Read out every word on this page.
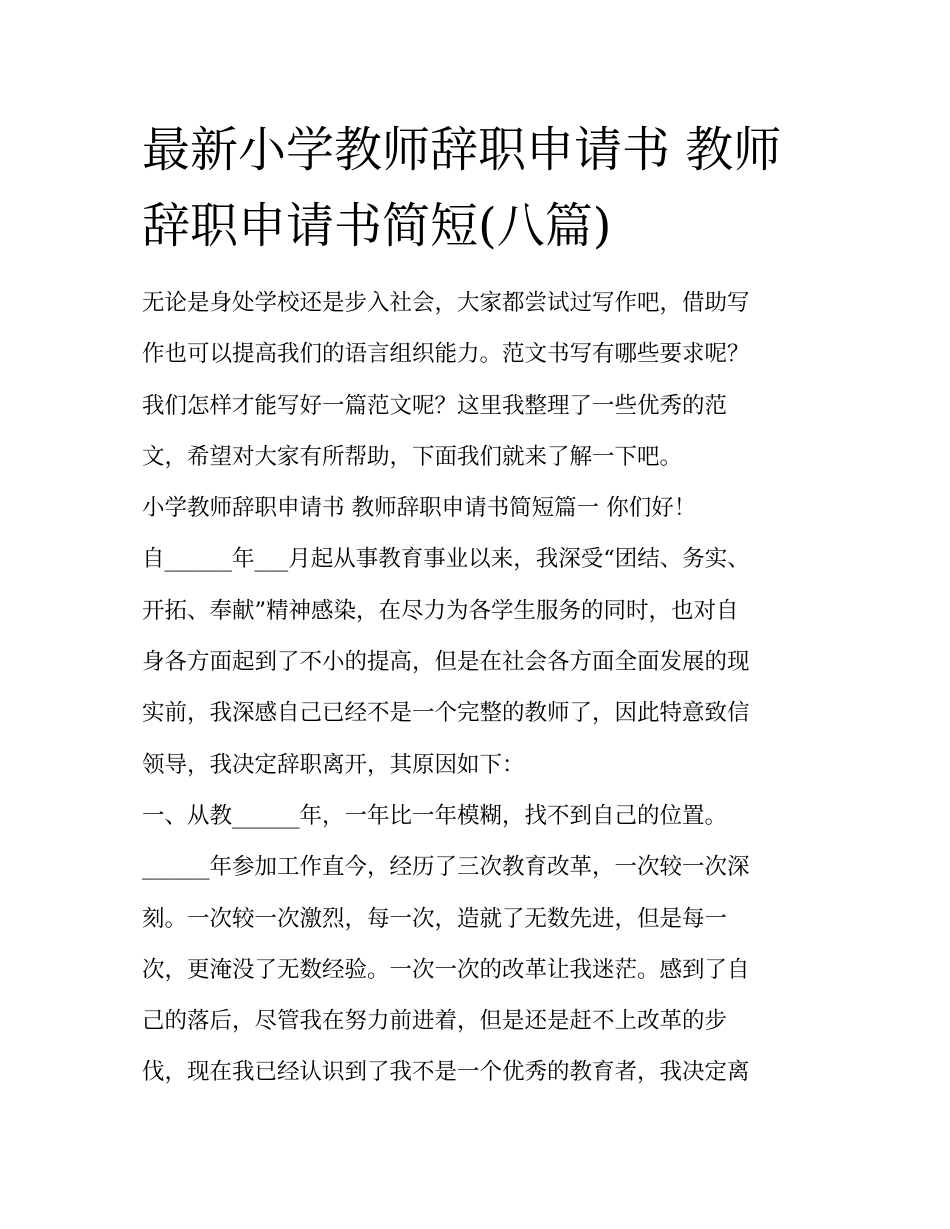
最新小学教师辞职申请书 教师
辞职申请书简短(八篇)
无论是身处学校还是步入社会，大家都尝试过写作吧，借助写
作也可以提高我们的语言组织能力。范文书写有哪些要求呢？
我们怎样才能写好一篇范文呢？这里我整理了一些优秀的范
文，希望对大家有所帮助，下面我们就来了解一下吧。
小学教师辞职申请书 教师辞职申请书简短篇一 你们好！
自______年___月起从事教育事业以来，我深受“团结、务实、
开拓、奉献”精神感染，在尽力为各学生服务的同时，也对自
身各方面起到了不小的提高，但是在社会各方面全面发展的现
实前，我深感自己已经不是一个完整的教师了，因此特意致信
领导，我决定辞职离开，其原因如下：
一、从教______年，一年比一年模糊，找不到自己的位置。
______年参加工作直今，经历了三次教育改革，一次较一次深
刻。一次较一次激烈，每一次，造就了无数先进，但是每一
次，更淹没了无数经验。一次一次的改革让我迷茫。感到了自
己的落后，尽管我在努力前进着，但是还是赶不上改革的步
伐，现在我已经认识到了我不是一个优秀的教育者，我决定离
